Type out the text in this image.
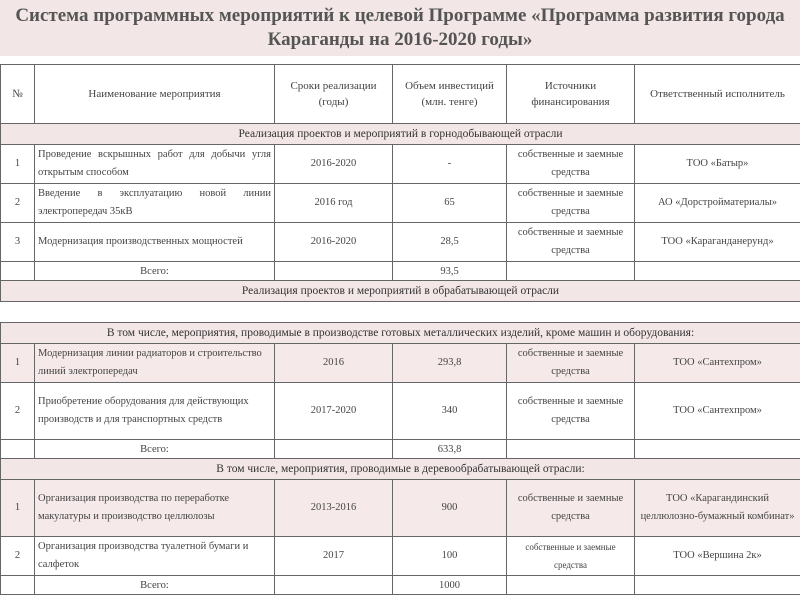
Система программных мероприятий к целевой Программе «Программа развития города Караганды на 2016-2020 годы»
№	Наименование мероприятия	Сроки реализации (годы)	Объем инвестиций (млн. тенге)	Источники финансирования	Ответственный исполнитель
Реализация проектов и мероприятий в горнодобывающей отрасли					
1	Проведение вскрышных работ для добычи угля открытым способом	2016-2020	-	собственные и заемные средства	ТОО «Батыр»
2	Введение в эксплуатацию новой линии электропередач 35кВ	2016 год	65	собственные и заемные средства	АО «Дорстройматериалы»
3	Модернизация производственных мощностей	2016-2020	28,5	собственные и заемные средства	ТОО «Караганданерунд»
	Всего:		93,5		
Реализация проектов и мероприятий в обрабатывающей отрасли					
В том числе, мероприятия, проводимые в производстве готовых металлических изделий, кроме машин и оборудования:					
1	Модернизация линии радиаторов и строительство линий электропередач	2016	293,8	собственные и заемные средства	ТОО «Сантехпром»
2	Приобретение оборудования для действующих производств и для транспортных средств	2017-2020	340	собственные и заемные средства	ТОО «Сантехпром»
	Всего:		633,8		
В том числе, мероприятия, проводимые в деревообрабатывающей отрасли:					
1	Организация производства по переработке макулатуры и производство целлюлозы	2013-2016	900	собственные и заемные средства	ТОО «Карагандинский целлюлозно-бумажный комбинат»
2	Организация производства туалетной бумаги и салфеток	2017	100	собственные и заемные средства	ТОО «Вершина 2к»
	Всего:		1000		
